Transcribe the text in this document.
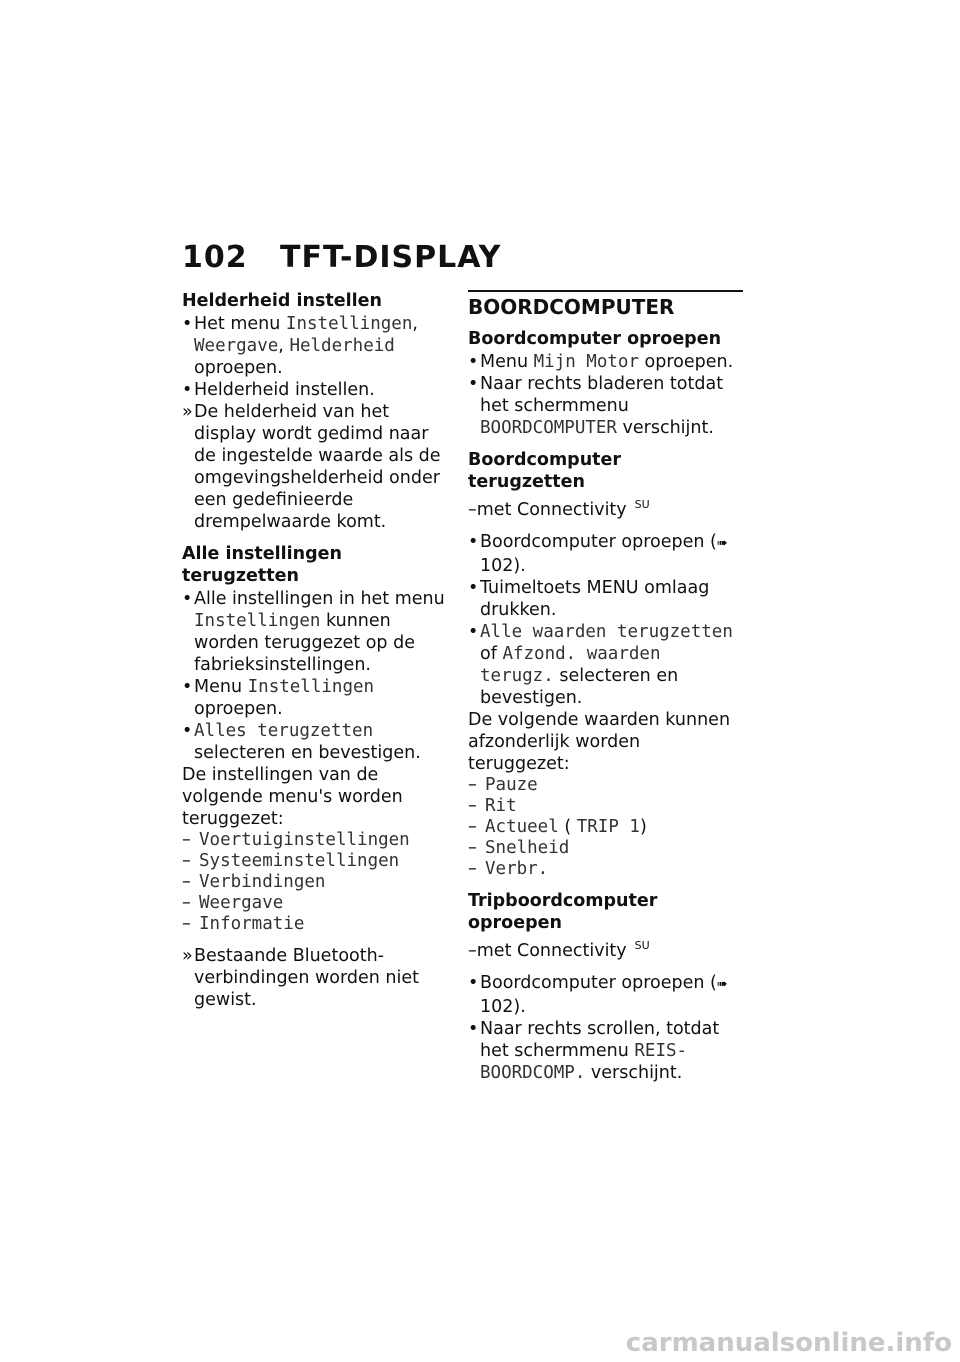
102 TFT-DISPLAY

Helderheid instellen

• Het menu Instellingen, Weergave, Helderheid oproepen.

• Helderheid instellen.

» De helderheid van het display wordt gedimd naar de ingestelde waarde als de omgevingshelderheid onder een gedefinieerde drempelwaarde komt.

Alle instellingen terugzetten

• Alle instellingen in het menu Instellingen kunnen worden teruggezet op de fabrieksinstellingen.

• Menu Instellingen oproepen.

• Alles terugzetten selecteren en bevestigen.

De instellingen van de volgende menu's worden teruggezet:

– Voertuiginstellingen

– Systeeminstellingen

– Verbindingen

– Weergave

– Informatie

» Bestaande Bluetooth-verbindingen worden niet gewist.

BOORDCOMPUTER

Boordcomputer oproepen

• Menu Mijn Motor oproepen.

• Naar rechts bladeren totdat het schermmenu BOORDCOMPUTER verschijnt.

Boordcomputer terugzetten

–met Connectivity $^{SU}$

• Boordcomputer oproepen (➠ 102).

• Tuimeltoets MENU omlaag drukken.

• Alle waarden terugzetten of Afzond. waarden terugz. selecteren en bevestigen.

De volgende waarden kunnen afzonderlijk worden teruggezet:

– Pauze

– Rit

– Actueel ( TRIP 1)

– Snelheid

– Verbr.

Tripboordcomputer oproepen

–met Connectivity $^{SU}$

• Boordcomputer oproepen (➠ 102).

• Naar rechts scrollen, totdat het schermmenu REIS-BOORDCOMP. verschijnt.

carmanualsonline.info
